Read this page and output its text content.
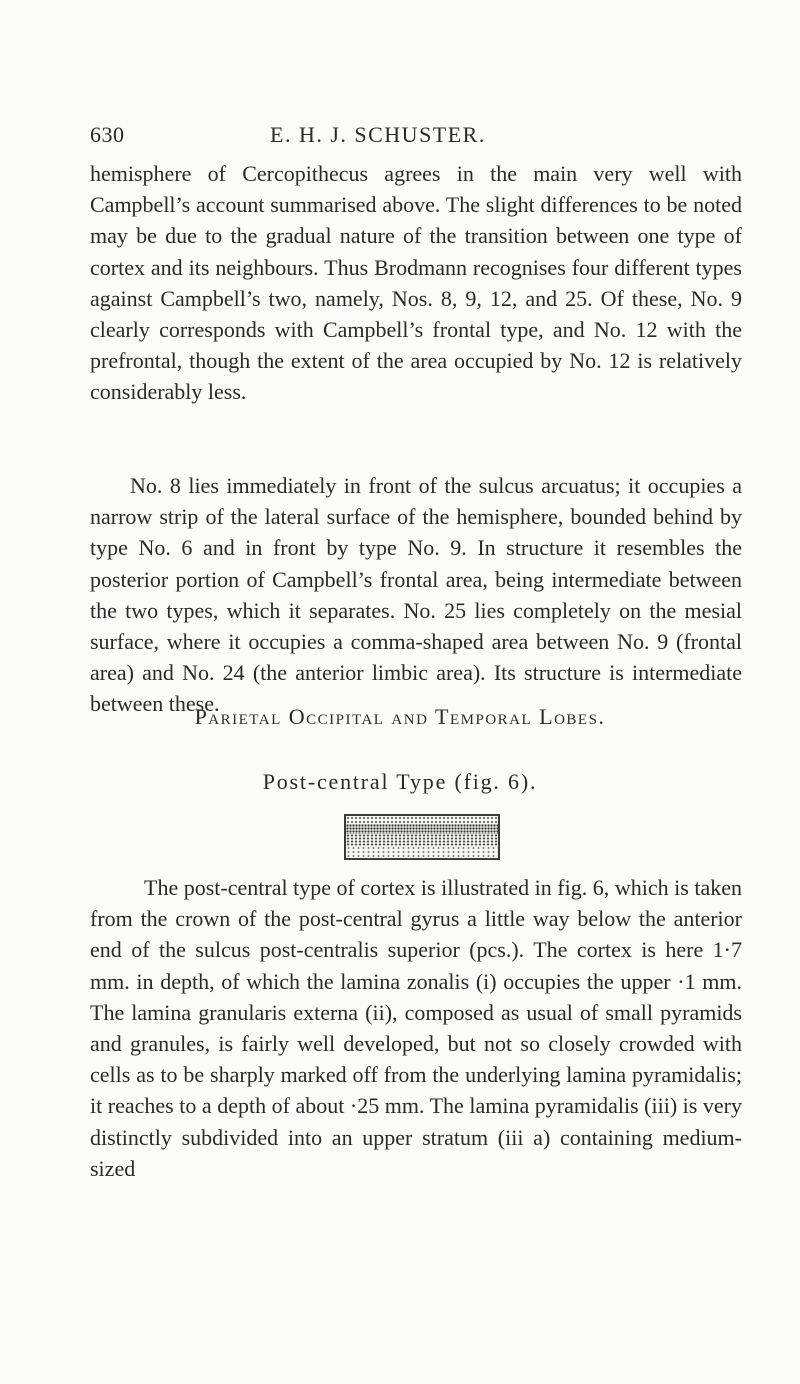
630	E. H. J. SCHUSTER.

hemisphere of Cercopithecus agrees in the main very well with Campbell’s account summarised above. The slight differences to be noted may be due to the gradual nature of the transition between one type of cortex and its neighbours. Thus Brodmann recognises four different types against Campbell’s two, namely, Nos. 8, 9, 12, and 25. Of these, No. 9 clearly corresponds with Campbell’s frontal type, and No. 12 with the prefrontal, though the extent of the area occupied by No. 12 is relatively considerably less.

No. 8 lies immediately in front of the sulcus arcuatus; it occupies a narrow strip of the lateral surface of the hemisphere, bounded behind by type No. 6 and in front by type No. 9. In structure it resembles the posterior portion of Campbell’s frontal area, being intermediate between the two types, which it separates. No. 25 lies completely on the mesial surface, where it occupies a comma-shaped area between No. 9 (frontal area) and No. 24 (the anterior limbic area). Its structure is intermediate between these.

Parietal Occipital and Temporal Lobes.
Post-central Type (fig. 6).

The post-central type of cortex is illustrated in fig. 6, which is taken from the crown of the post-central gyrus a little way below the anterior end of the sulcus post-centralis superior (pcs.). The cortex is here 1·7 mm. in depth, of which the lamina zonalis (i) occupies the upper ·1 mm. The lamina granularis externa (ii), composed as usual of small pyramids and granules, is fairly well developed, but not so closely crowded with cells as to be sharply marked off from the underlying lamina pyramidalis; it reaches to a depth of about ·25 mm. The lamina pyramidalis (iii) is very distinctly subdivided into an upper stratum (iii a) containing medium-sized
